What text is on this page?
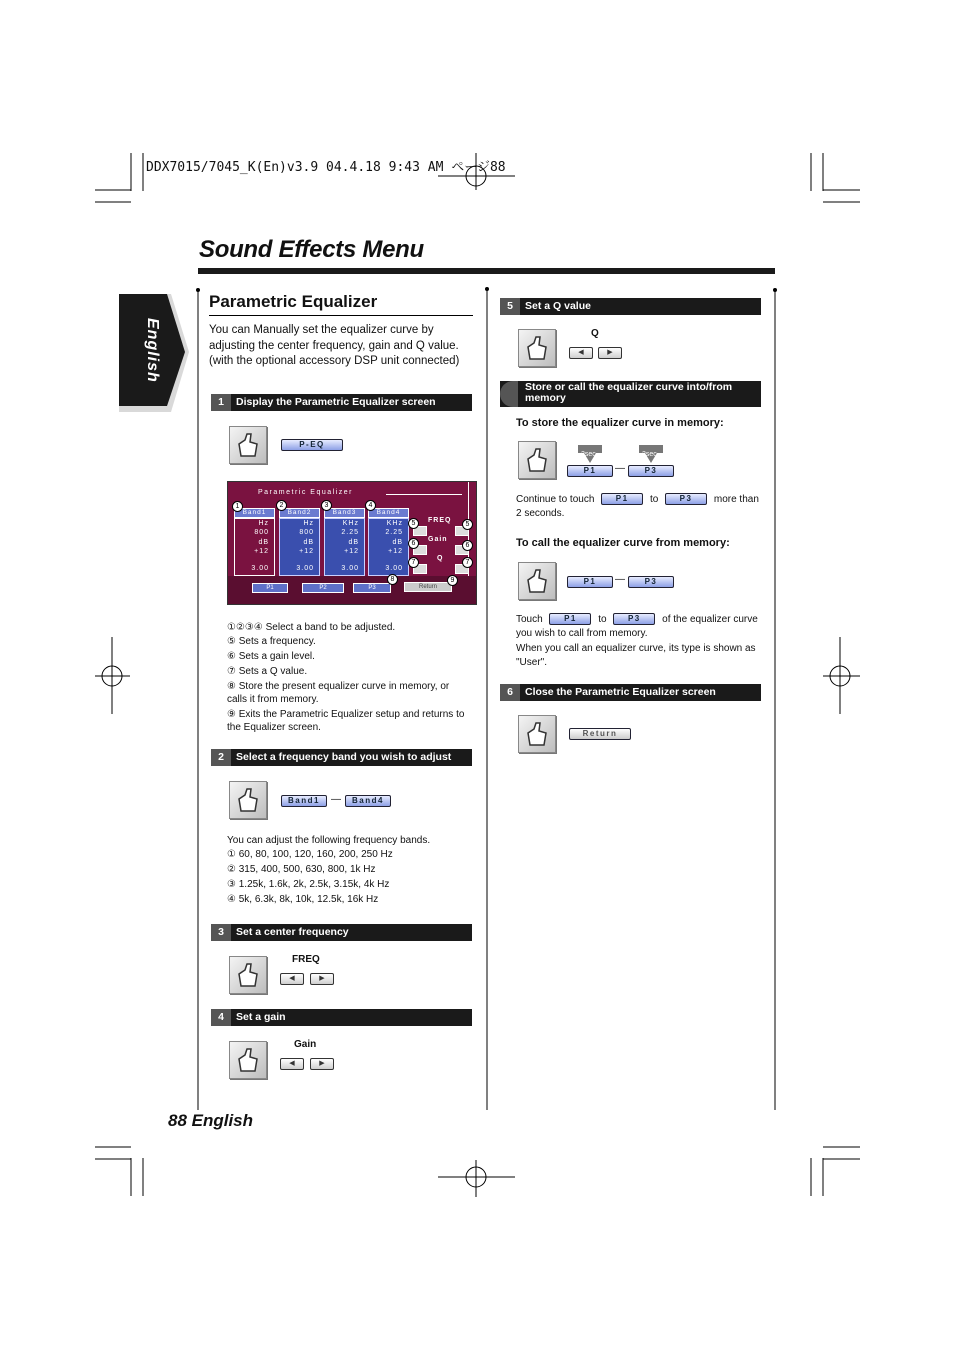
DDX7015/7045_K(En)v3.9 04.4.18 9:43 AM ページ88
Sound Effects Menu
English
Parametric Equalizer
You can Manually set the equalizer curve by adjusting the center frequency, gain and Q value. (with the optional accessory DSP unit connected)
1	Display the Parametric Equalizer screen
P-EQ
Parametric Equalizer
Band1	Band2	Band3	Band4
Hz
800
dB
+12
3.00
Hz
800
dB
+12
3.00
KHz
2.25
dB
+12
3.00
KHz
2.25
dB
+12
3.00
FREQ
Gain
Q
P1	P2	P3	Return
1	2	3	4
5	5
6	6
7	7
8	9
①②③④ Select a band to be adjusted.
⑤ Sets a frequency.
⑥ Sets a gain level.
⑦ Sets a Q value.
⑧ Store the present equalizer curve in memory, or calls it from memory.
⑨ Exits the Parametric Equalizer setup and returns to the Equalizer screen.
2	Select a frequency band you wish to adjust
Band1	—	Band4
You can adjust the following frequency bands.
① 60, 80, 100, 120, 160, 200, 250 Hz
② 315, 400, 500, 630, 800, 1k Hz
③ 1.25k, 1.6k, 2k, 2.5k, 3.15k, 4k Hz
④ 5k, 6.3k, 8k, 10k, 12.5k, 16k Hz
3	Set a center frequency
FREQ
◀	▶
4	Set a gain
Gain
◀	▶
5	Set a Q value
Q
◀	▶
Store or call the equalizer curve into/from memory
To store the equalizer curve in memory:
2sec	2sec
P1	—	P3
Continue to touch	P1 to	P3 more than 2 seconds.
To call the equalizer curve from memory:
P1	—	P3
Touch	P1 to	P3 of the equalizer curve you wish to call from memory.
When you call an equalizer curve, its type is shown as "User".
6	Close the Parametric Equalizer screen
Return
88 English
